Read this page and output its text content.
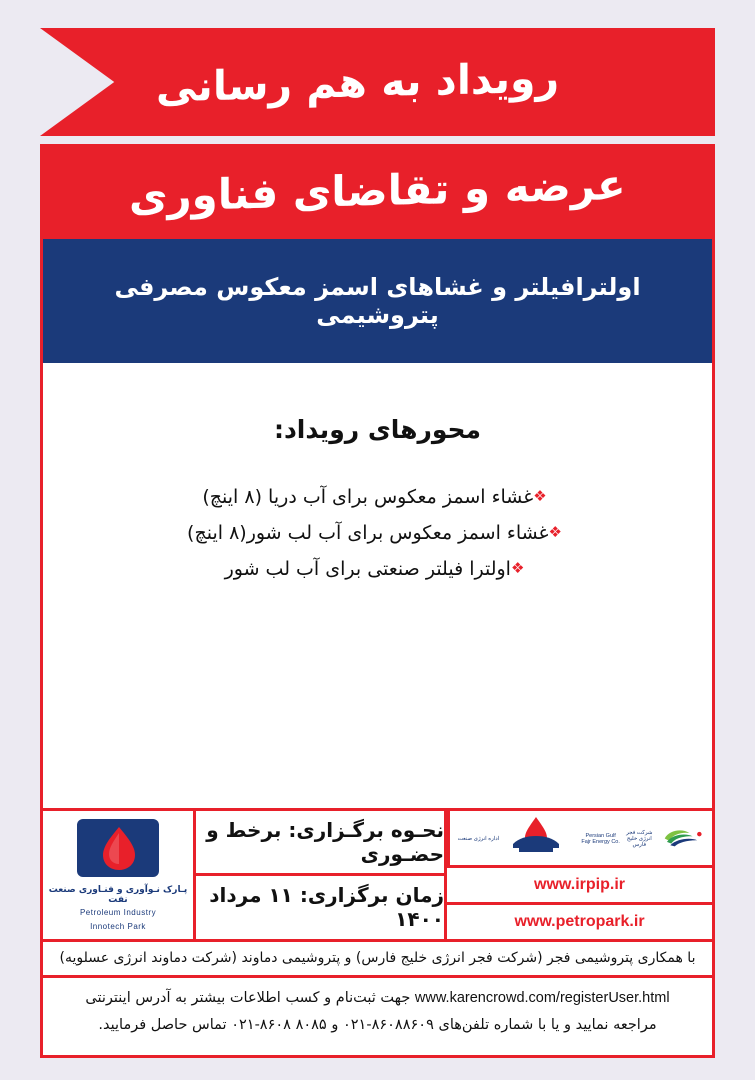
رویداد به هم رسانی
عرضه و تقاضای فناوری
اولترافیلتر و غشاهای اسمز معکوس مصرفی پتروشیمی
محورهای رویداد:
❖غشاء اسمز معکوس برای آب دریا (۸ اینچ)
❖غشاء اسمز معکوس برای آب لب شور(۸ اینچ)
❖اولترا فیلتر صنعتی برای آب لب شور
شرکت فجر انرژی خلیج فارس
Persian Gulf Fajr Energy Co.
اداره انرژی صنعت
www.irpip.ir
www.petropark.ir
نحـوه برگـزاری: برخط و حضـوری
زمان برگزاری: ۱۱ مرداد ۱۴۰۰
پـارک نـوآوری و فنـاوری صنعت نفت
Petroleum Industry
Innotech Park
با همکاری پتروشیمی فجر (شرکت فجر انرژی خلیج فارس) و پتروشیمی دماوند (شرکت دماوند انرژی عسلویه)
www.karencrowd.com/registerUser.html جهت ثبت‌نام و کسب اطلاعات بیشتر به آدرس اینترنتی
مراجعه نمایید و یا با شماره تلفن‌های ۸۶۰۸۸۶۰۹-۰۲۱ و ۸۰۸۵ ۸۶۰۸-۰۲۱ تماس حاصل فرمایید.
